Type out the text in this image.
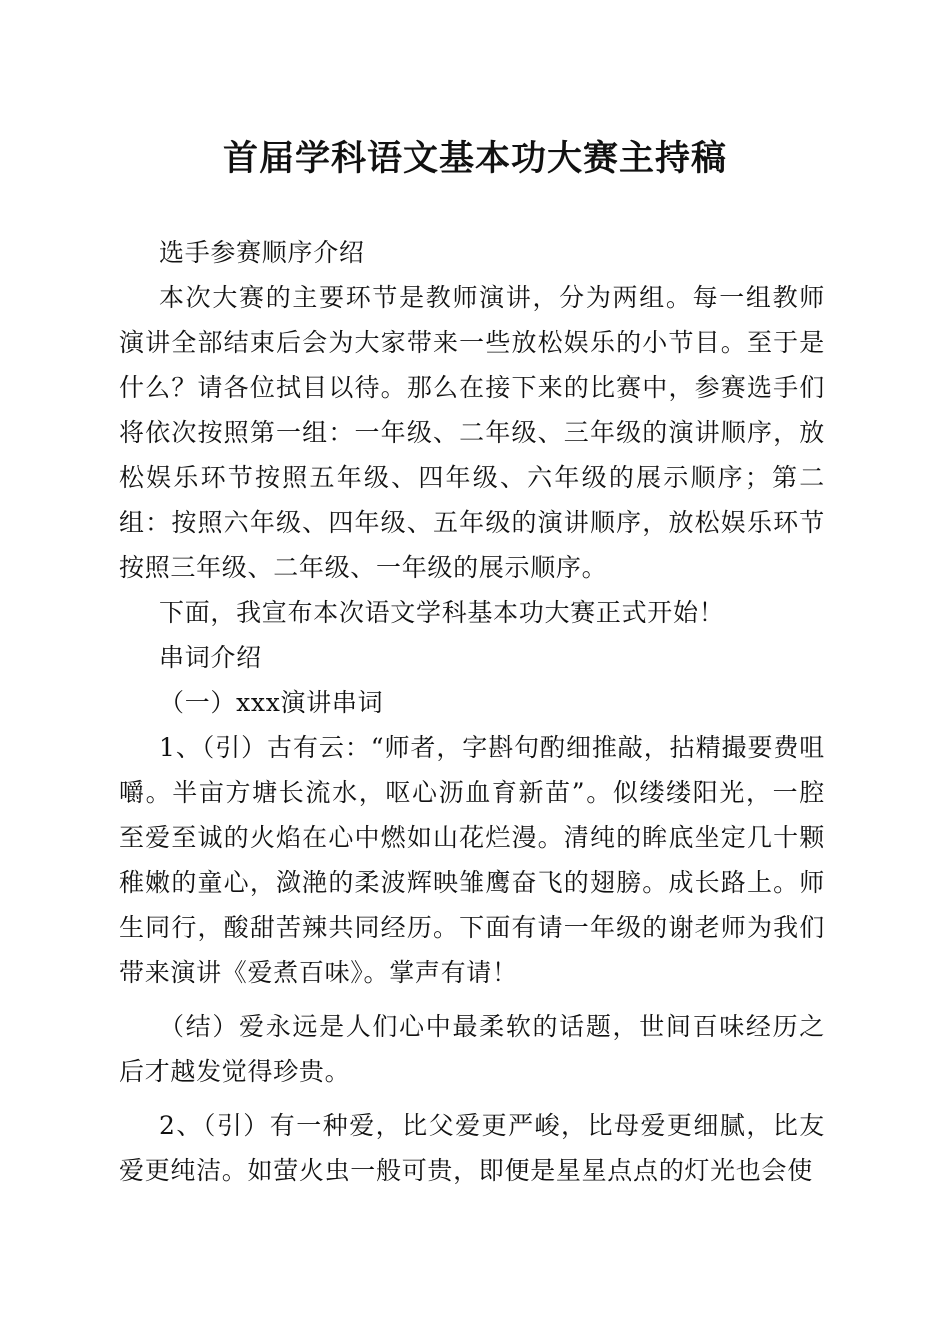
首届学科语文基本功大赛主持稿

选手参赛顺序介绍

本次大赛的主要环节是教师演讲，分为两组。每一组教师演讲全部结束后会为大家带来一些放松娱乐的小节目。至于是什么？请各位拭目以待。那么在接下来的比赛中，参赛选手们将依次按照第一组：一年级、二年级、三年级的演讲顺序，放松娱乐环节按照五年级、四年级、六年级的展示顺序；第二组：按照六年级、四年级、五年级的演讲顺序，放松娱乐环节按照三年级、二年级、一年级的展示顺序。

下面，我宣布本次语文学科基本功大赛正式开始！

串词介绍

（一）xxx演讲串词

1、（引）古有云：“师者，字斟句酌细推敲，拈精撮要费咀嚼。半亩方塘长流水，呕心沥血育新苗”。似缕缕阳光，一腔至爱至诚的火焰在心中燃如山花烂漫。清纯的眸底坐定几十颗稚嫩的童心，潋滟的柔波辉映雏鹰奋飞的翅膀。成长路上。师生同行，酸甜苦辣共同经历。下面有请一年级的谢老师为我们带来演讲《爱煮百味》。掌声有请！

（结）爱永远是人们心中最柔软的话题，世间百味经历之后才越发觉得珍贵。

2、（引）有一种爱，比父爱更严峻，比母爱更细腻，比友爱更纯洁。如萤火虫一般可贵，即便是星星点点的灯光也会使
